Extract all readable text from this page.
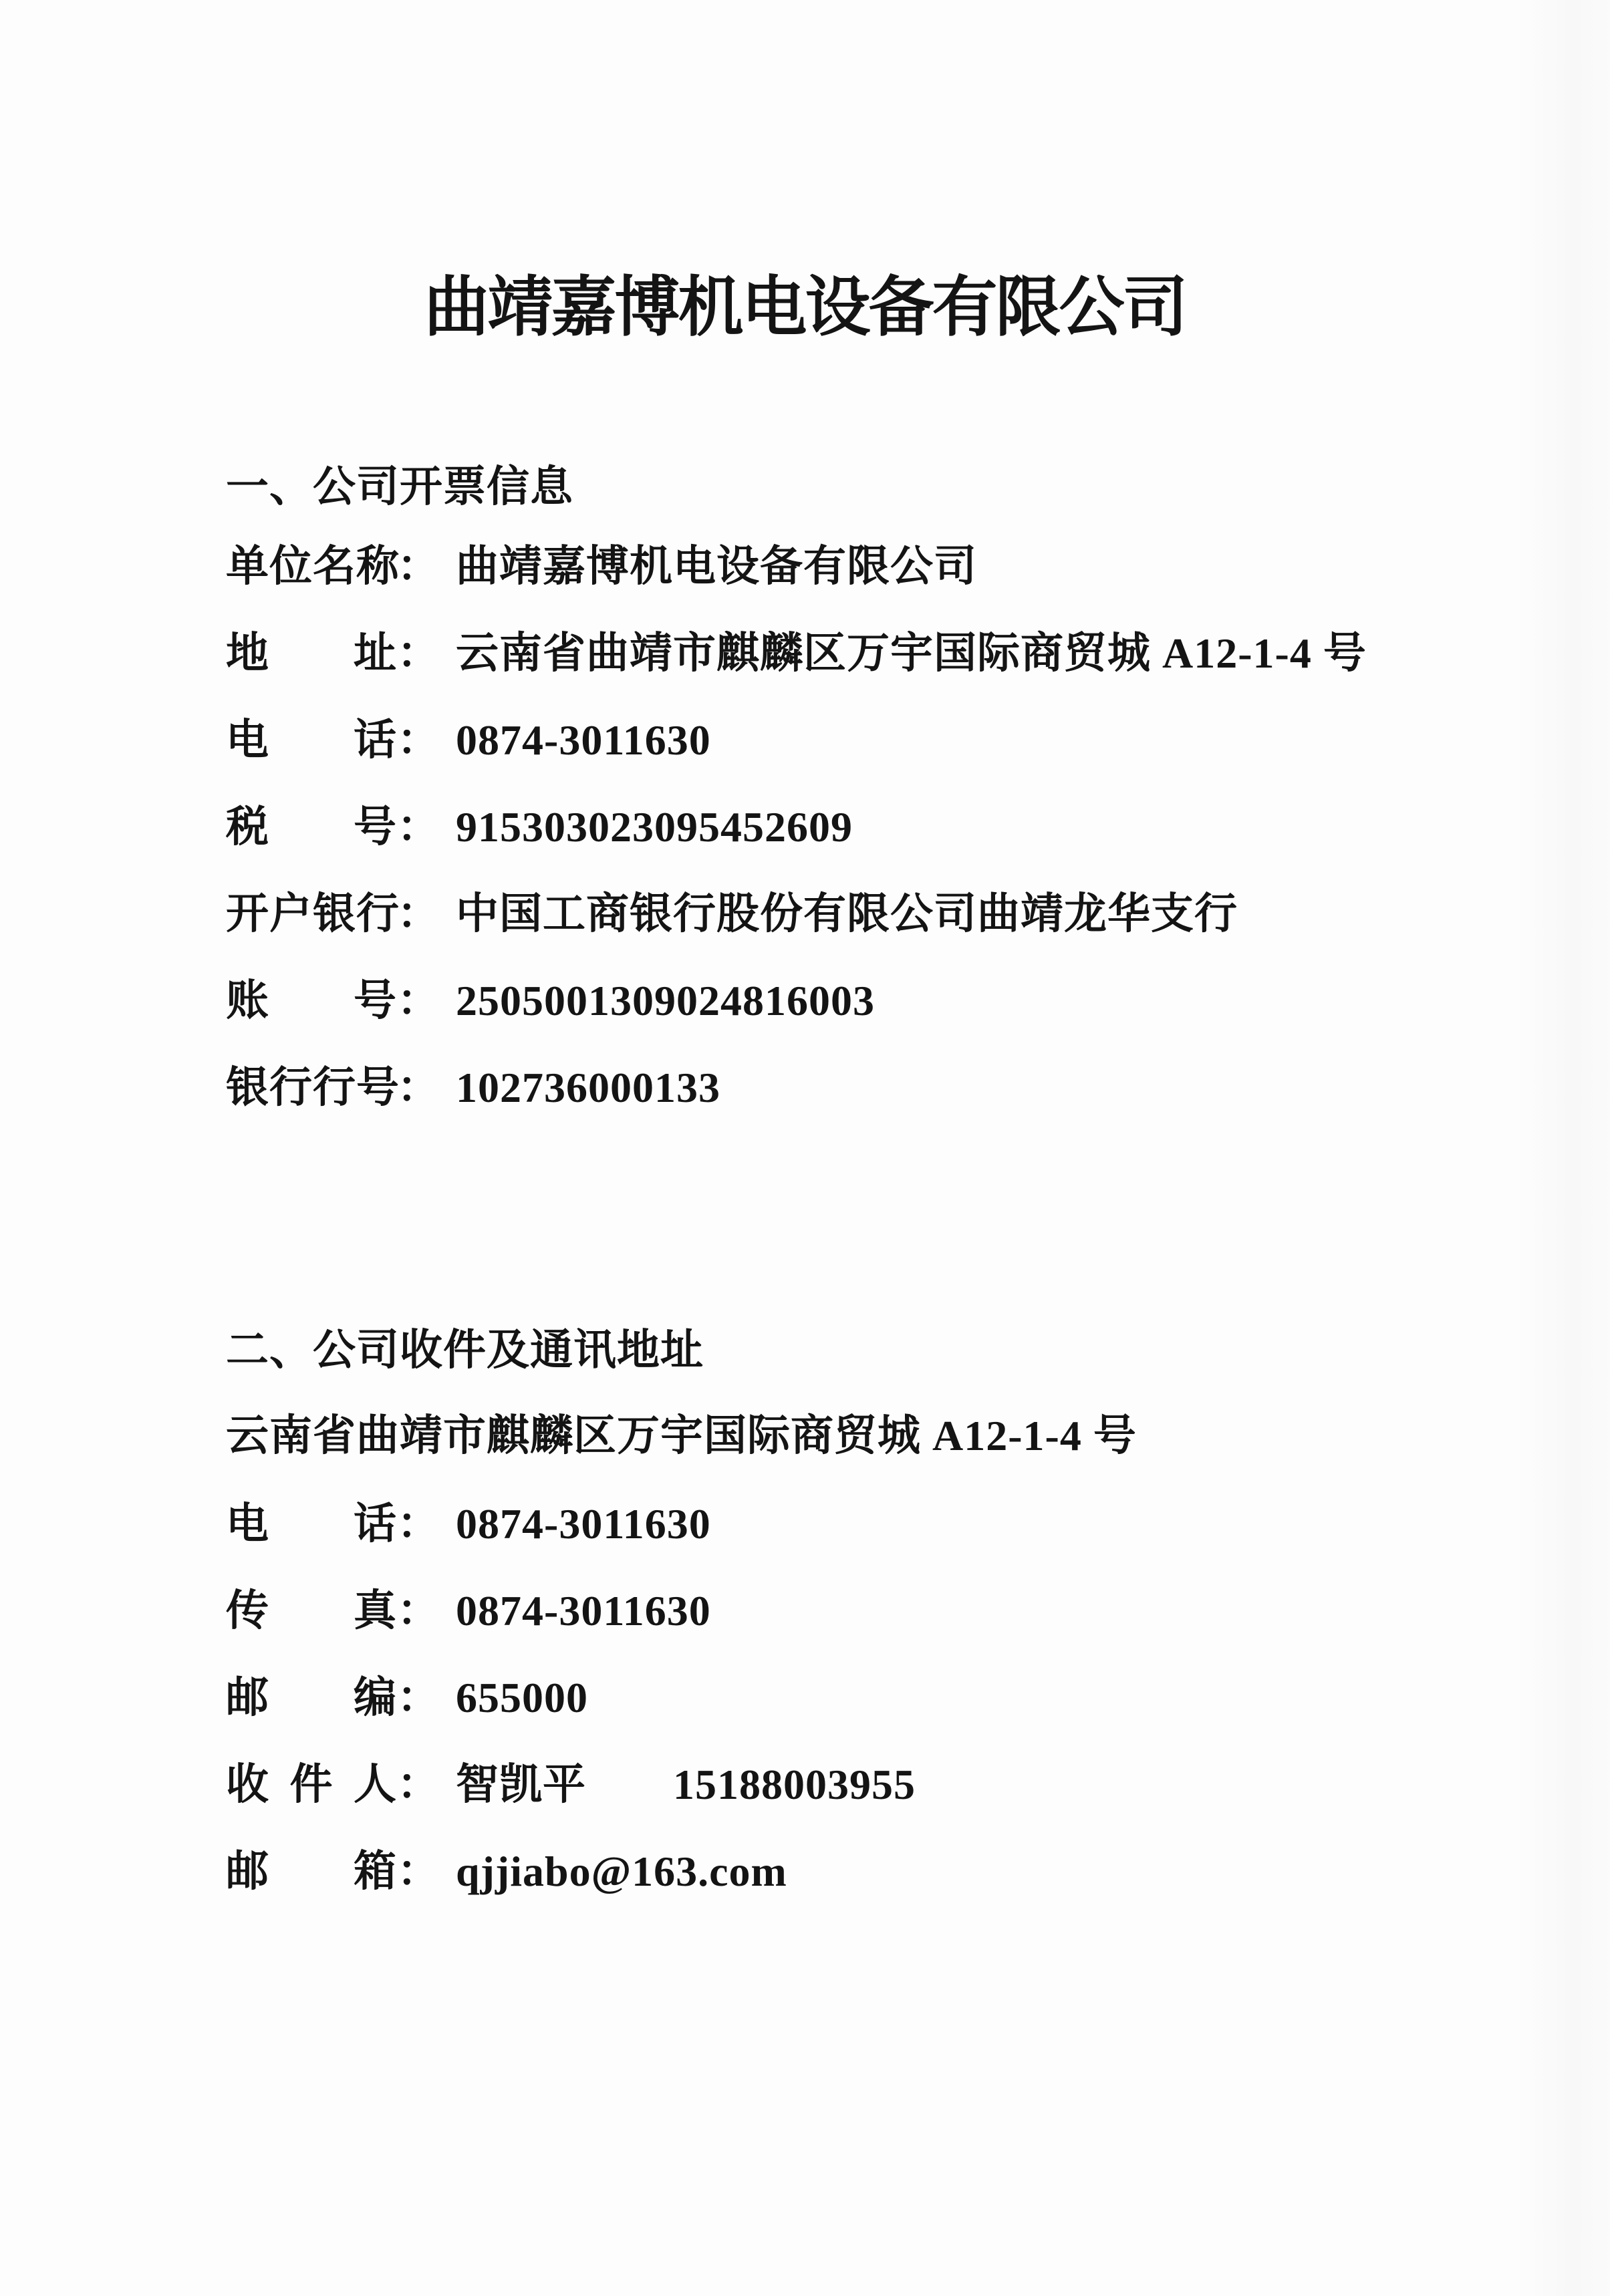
曲靖嘉博机电设备有限公司
一、公司开票信息
单位名称： 曲靖嘉博机电设备有限公司
地址： 云南省曲靖市麒麟区万宇国际商贸城 A12-1-4 号
电话： 0874-3011630
税号： 915303023095452609
开户银行： 中国工商银行股份有限公司曲靖龙华支行
账号： 2505001309024816003
银行行号： 102736000133
二、公司收件及通讯地址
云南省曲靖市麒麟区万宇国际商贸城 A12-1-4 号
电话： 0874-3011630
传真： 0874-3011630
邮编： 655000
收件人： 智凯平 15188003955
邮箱： qjjiabo@163.com
